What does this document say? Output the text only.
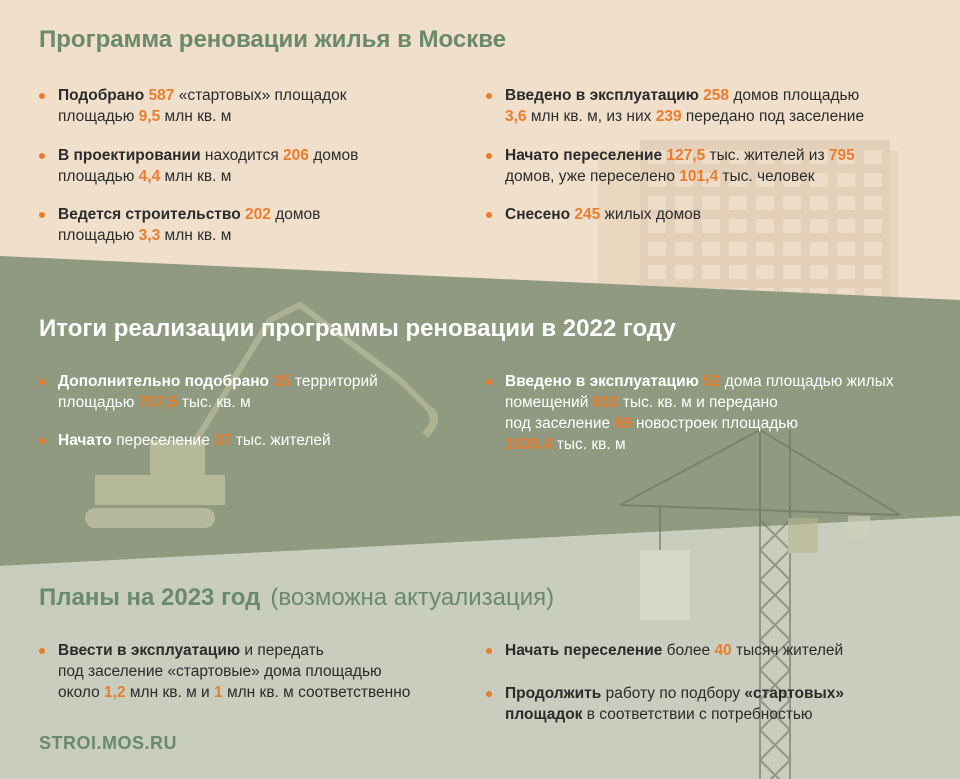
Программа реновации жилья в Москве
Подобрано 587 «стартовых» площадок
площадью 9,5 млн кв. м
В проектировании находится 206 домов
площадью 4,4 млн кв. м
Ведется строительство 202 домов
площадью 3,3 млн кв. м
Введено в эксплуатацию 258 домов площадью
3,6 млн кв. м, из них 239 передано под заселение
Начато переселение 127,5 тыс. жителей из 795
домов, уже переселено 101,4 тыс. человек
Снесено 245 жилых домов
Итоги реализации программы реновации в 2022 году
Дополнительно подобрано 35 территорий
площадью 707,5 тыс. кв. м
Начато переселение 37 тыс. жителей
Введено в эксплуатацию 52 дома площадью жилых
помещений 810 тыс. кв. м и передано
под заселение 69 новостроек площадью
1038,4 тыс. кв. м
Планы на 2023 год (возможна актуализация)
Ввести в эксплуатацию и передать
под заселение «стартовые» дома площадью
около 1,2 млн кв. м и 1 млн кв. м соответственно
Начать переселение более 40 тысяч жителей
Продолжить работу по подбору «стартовых»
площадок в соответствии с потребностью
STROI.MOS.RU
